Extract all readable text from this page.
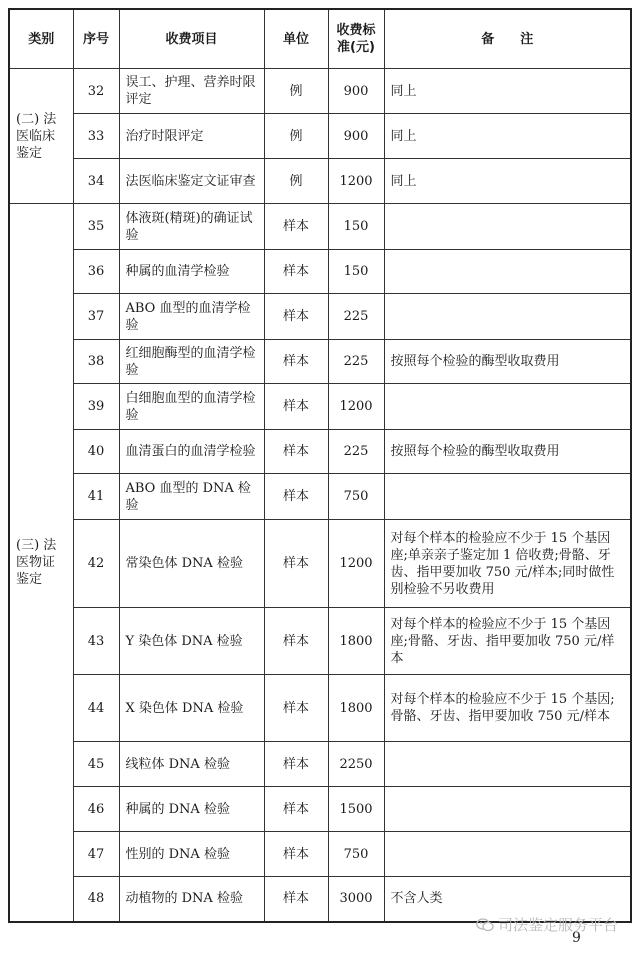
类别	序号	收费项目	单位	收费标准(元)	备　　注
(二) 法医临床鉴定	32	误工、护理、营养时限评定	例	900	同上
	33	治疗时限评定	例	900	同上
	34	法医临床鉴定文证审查	例	1200	同上
(三) 法医物证鉴定	35	体液斑(精斑)的确证试验	样本	150	
	36	种属的血清学检验	样本	150	
	37	ABO 血型的血清学检验	样本	225	
	38	红细胞酶型的血清学检验	样本	225	按照每个检验的酶型收取费用
	39	白细胞血型的血清学检验	样本	1200	
	40	血清蛋白的血清学检验	样本	225	按照每个检验的酶型收取费用
	41	ABO 血型的 DNA 检验	样本	750	
	42	常染色体 DNA 检验	样本	1200	对每个样本的检验应不少于 15 个基因座;单亲亲子鉴定加 1 倍收费;骨骼、牙齿、指甲要加收 750 元/样本;同时做性别检验不另收费用
	43	Y 染色体 DNA 检验	样本	1800	对每个样本的检验应不少于 15 个基因座;骨骼、牙齿、指甲要加收 750 元/样本
	44	X 染色体 DNA 检验	样本	1800	对每个样本的检验应不少于 15 个基因;骨骼、牙齿、指甲要加收 750 元/样本
	45	线粒体 DNA 检验	样本	2250	
	46	种属的 DNA 检验	样本	1500	
	47	性别的 DNA 检验	样本	750	
	48	动植物的 DNA 检验	样本	3000	不含人类
司法鉴定服务平台
9
